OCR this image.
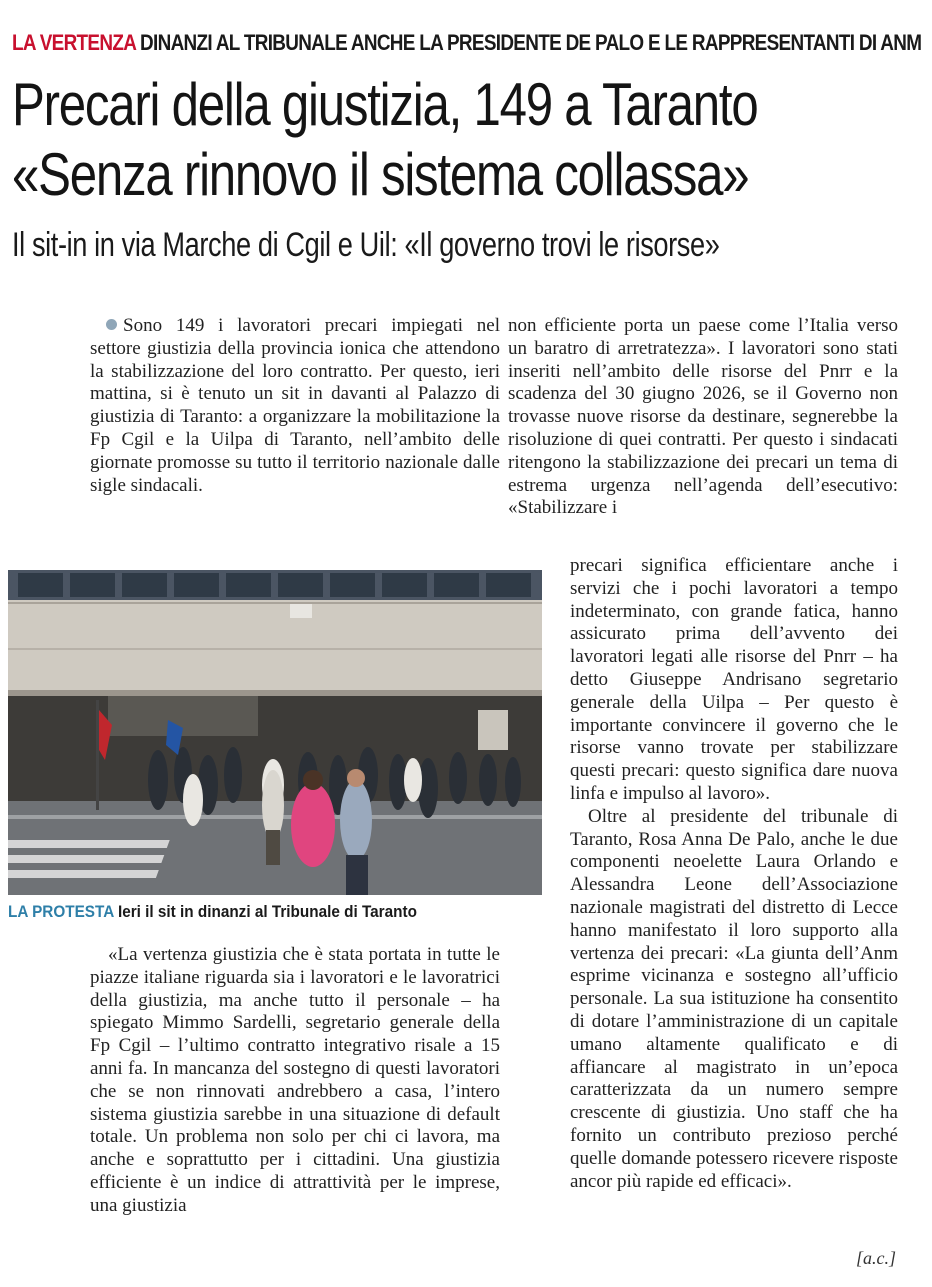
LA VERTENZA DINANZI AL TRIBUNALE ANCHE LA PRESIDENTE DE PALO E LE RAPPRESENTANTI DI ANM
Precari della giustizia, 149 a Taranto
«Senza rinnovo il sistema collassa»
Il sit-in in via Marche di Cgil e Uil: «Il governo trovi le risorse»

Sono 149 i lavoratori precari impiegati nel settore giustizia della provincia ionica che attendono la stabilizzazione del loro contratto. Per questo, ieri mattina, si è tenuto un sit in davanti al Palazzo di giustizia di Taranto: a organizzare la mobilitazione la Fp Cgil e la Uilpa di Taranto, nell’ambito delle giornate promosse su tutto il territorio nazionale dalle sigle sindacali.

non efficiente porta un paese come l’Italia verso un baratro di arretratezza». I lavoratori sono stati inseriti nell’ambito delle risorse del Pnrr e la scadenza del 30 giugno 2026, se il Governo non trovasse nuove risorse da destinare, segnerebbe la risoluzione di quei contratti. Per questo i sindacati ritengono la stabilizzazione dei precari un tema di estrema urgenza nell’agenda dell’esecutivo: «Stabilizzare i

LA PROTESTA Ieri il sit in dinanzi al Tribunale di Taranto

precari significa efficientare anche i servizi che i pochi lavoratori a tempo indeterminato, con grande fatica, hanno assicurato prima dell’avvento dei lavoratori legati alle risorse del Pnrr – ha detto Giuseppe Andrisano segretario generale della Uilpa – Per questo è importante convincere il governo che le risorse vanno trovate per stabilizzare questi precari: questo significa dare nuova linfa e impulso al lavoro».

Oltre al presidente del tribunale di Taranto, Rosa Anna De Palo, anche le due componenti neoelette Laura Orlando e Alessandra Leone dell’Associazione nazionale magistrati del distretto di Lecce hanno manifestato il loro supporto alla vertenza dei precari: «La giunta dell’Anm esprime vicinanza e sostegno all’ufficio personale. La sua istituzione ha consentito di dotare l’amministrazione di un capitale umano altamente qualificato e di affiancare al magistrato in un’epoca caratterizzata da un numero sempre crescente di giustizia. Uno staff che ha fornito un contributo prezioso perché quelle domande potessero ricevere risposte ancor più rapide ed efficaci».

«La vertenza giustizia che è stata portata in tutte le piazze italiane riguarda sia i lavoratori e le lavoratrici della giustizia, ma anche tutto il personale – ha spiegato Mimmo Sardelli, segretario generale della Fp Cgil – l’ultimo contratto integrativo risale a 15 anni fa. In mancanza del sostegno di questi lavoratori che se non rinnovati andrebbero a casa, l’intero sistema giustizia sarebbe in una situazione di default totale. Un problema non solo per chi ci lavora, ma anche e soprattutto per i cittadini. Una giustizia efficiente è un indice di attrattività per le imprese, una giustizia

[a.c.]
